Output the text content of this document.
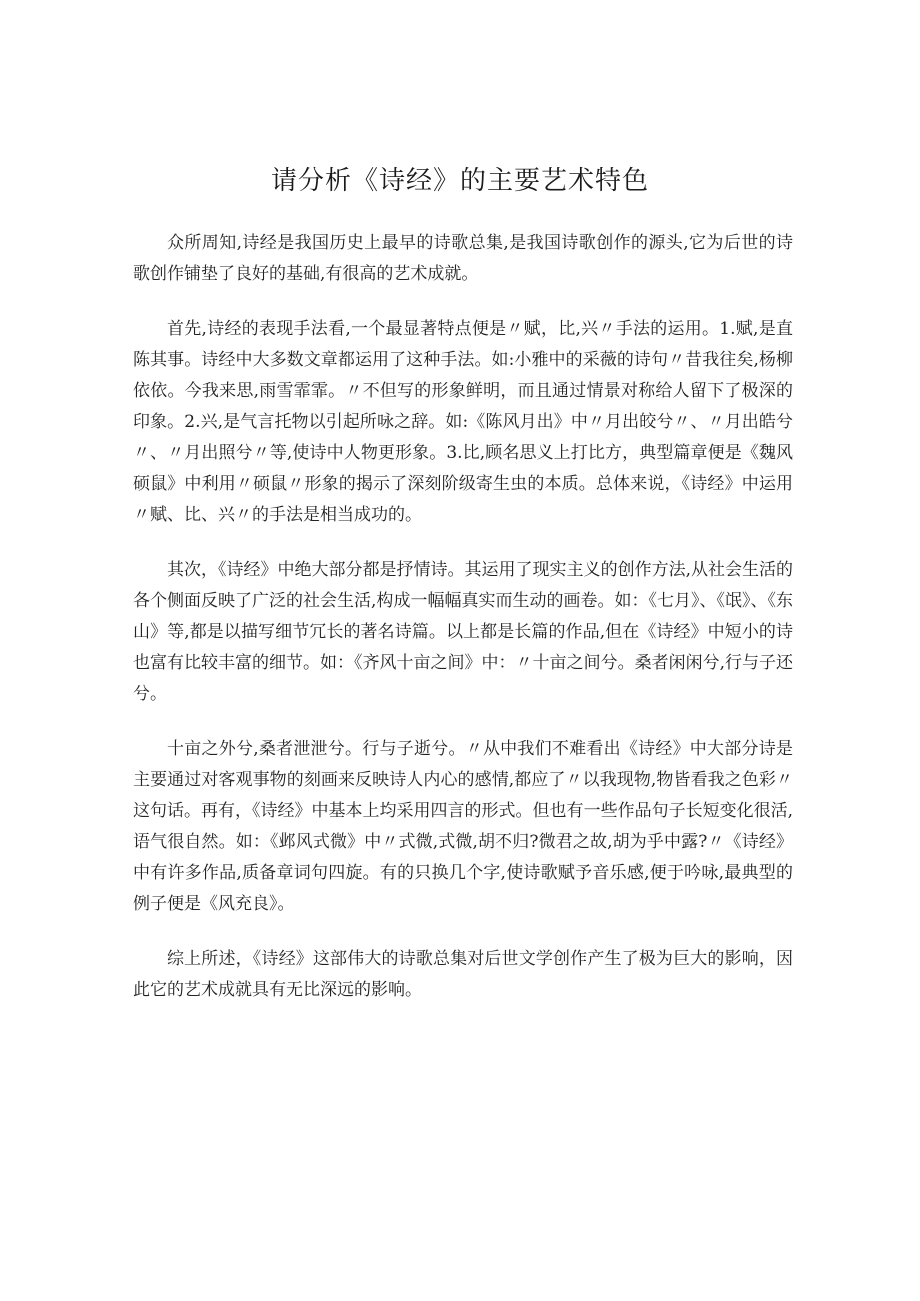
请分析《诗经》的主要艺术特色

众所周知,诗经是我国历史上最早的诗歌总集,是我国诗歌创作的源头,它为后世的诗歌创作铺垫了良好的基础,有很高的艺术成就。

首先,诗经的表现手法看,一个最显著特点便是〃赋，比,兴〃手法的运用。1.赋,是直陈其事。诗经中大多数文章都运用了这种手法。如:小雅中的采薇的诗句〃昔我往矣,杨柳依依。今我来思,雨雪霏霏。〃不但写的形象鲜明，而且通过情景对称给人留下了极深的印象。2.兴,是气言托物以引起所咏之辞。如:《陈风月出》中〃月出皎兮〃、〃月出皓兮〃、〃月出照兮〃等,使诗中人物更形象。3.比,顾名思义上打比方，典型篇章便是《魏风硕鼠》中利用〃硕鼠〃形象的揭示了深刻阶级寄生虫的本质。总体来说，《诗经》中运用〃赋、比、兴〃的手法是相当成功的。

其次，《诗经》中绝大部分都是抒情诗。其运用了现实主义的创作方法,从社会生活的各个侧面反映了广泛的社会生活,构成一幅幅真实而生动的画卷。如：《七月》、《氓》、《东山》等,都是以描写细节冗长的著名诗篇。以上都是长篇的作品,但在《诗经》中短小的诗也富有比较丰富的细节。如：《齐风十亩之间》中：〃十亩之间兮。桑者闲闲兮,行与子还兮。

十亩之外兮,桑者泄泄兮。行与子逝兮。〃从中我们不难看出《诗经》中大部分诗是主要通过对客观事物的刻画来反映诗人内心的感情,都应了〃以我现物,物皆看我之色彩〃这句话。再有，《诗经》中基本上均采用四言的形式。但也有一些作品句子长短变化很活,语气很自然。如：《邺风式微》中〃式微,式微,胡不归?微君之故,胡为乎中露?〃《诗经》中有许多作品,质备章词句四旋。有的只换几个字,使诗歌赋予音乐感,便于吟咏,最典型的例子便是《风充良》。

综上所述，《诗经》这部伟大的诗歌总集对后世文学创作产生了极为巨大的影响，因此它的艺术成就具有无比深远的影响。
